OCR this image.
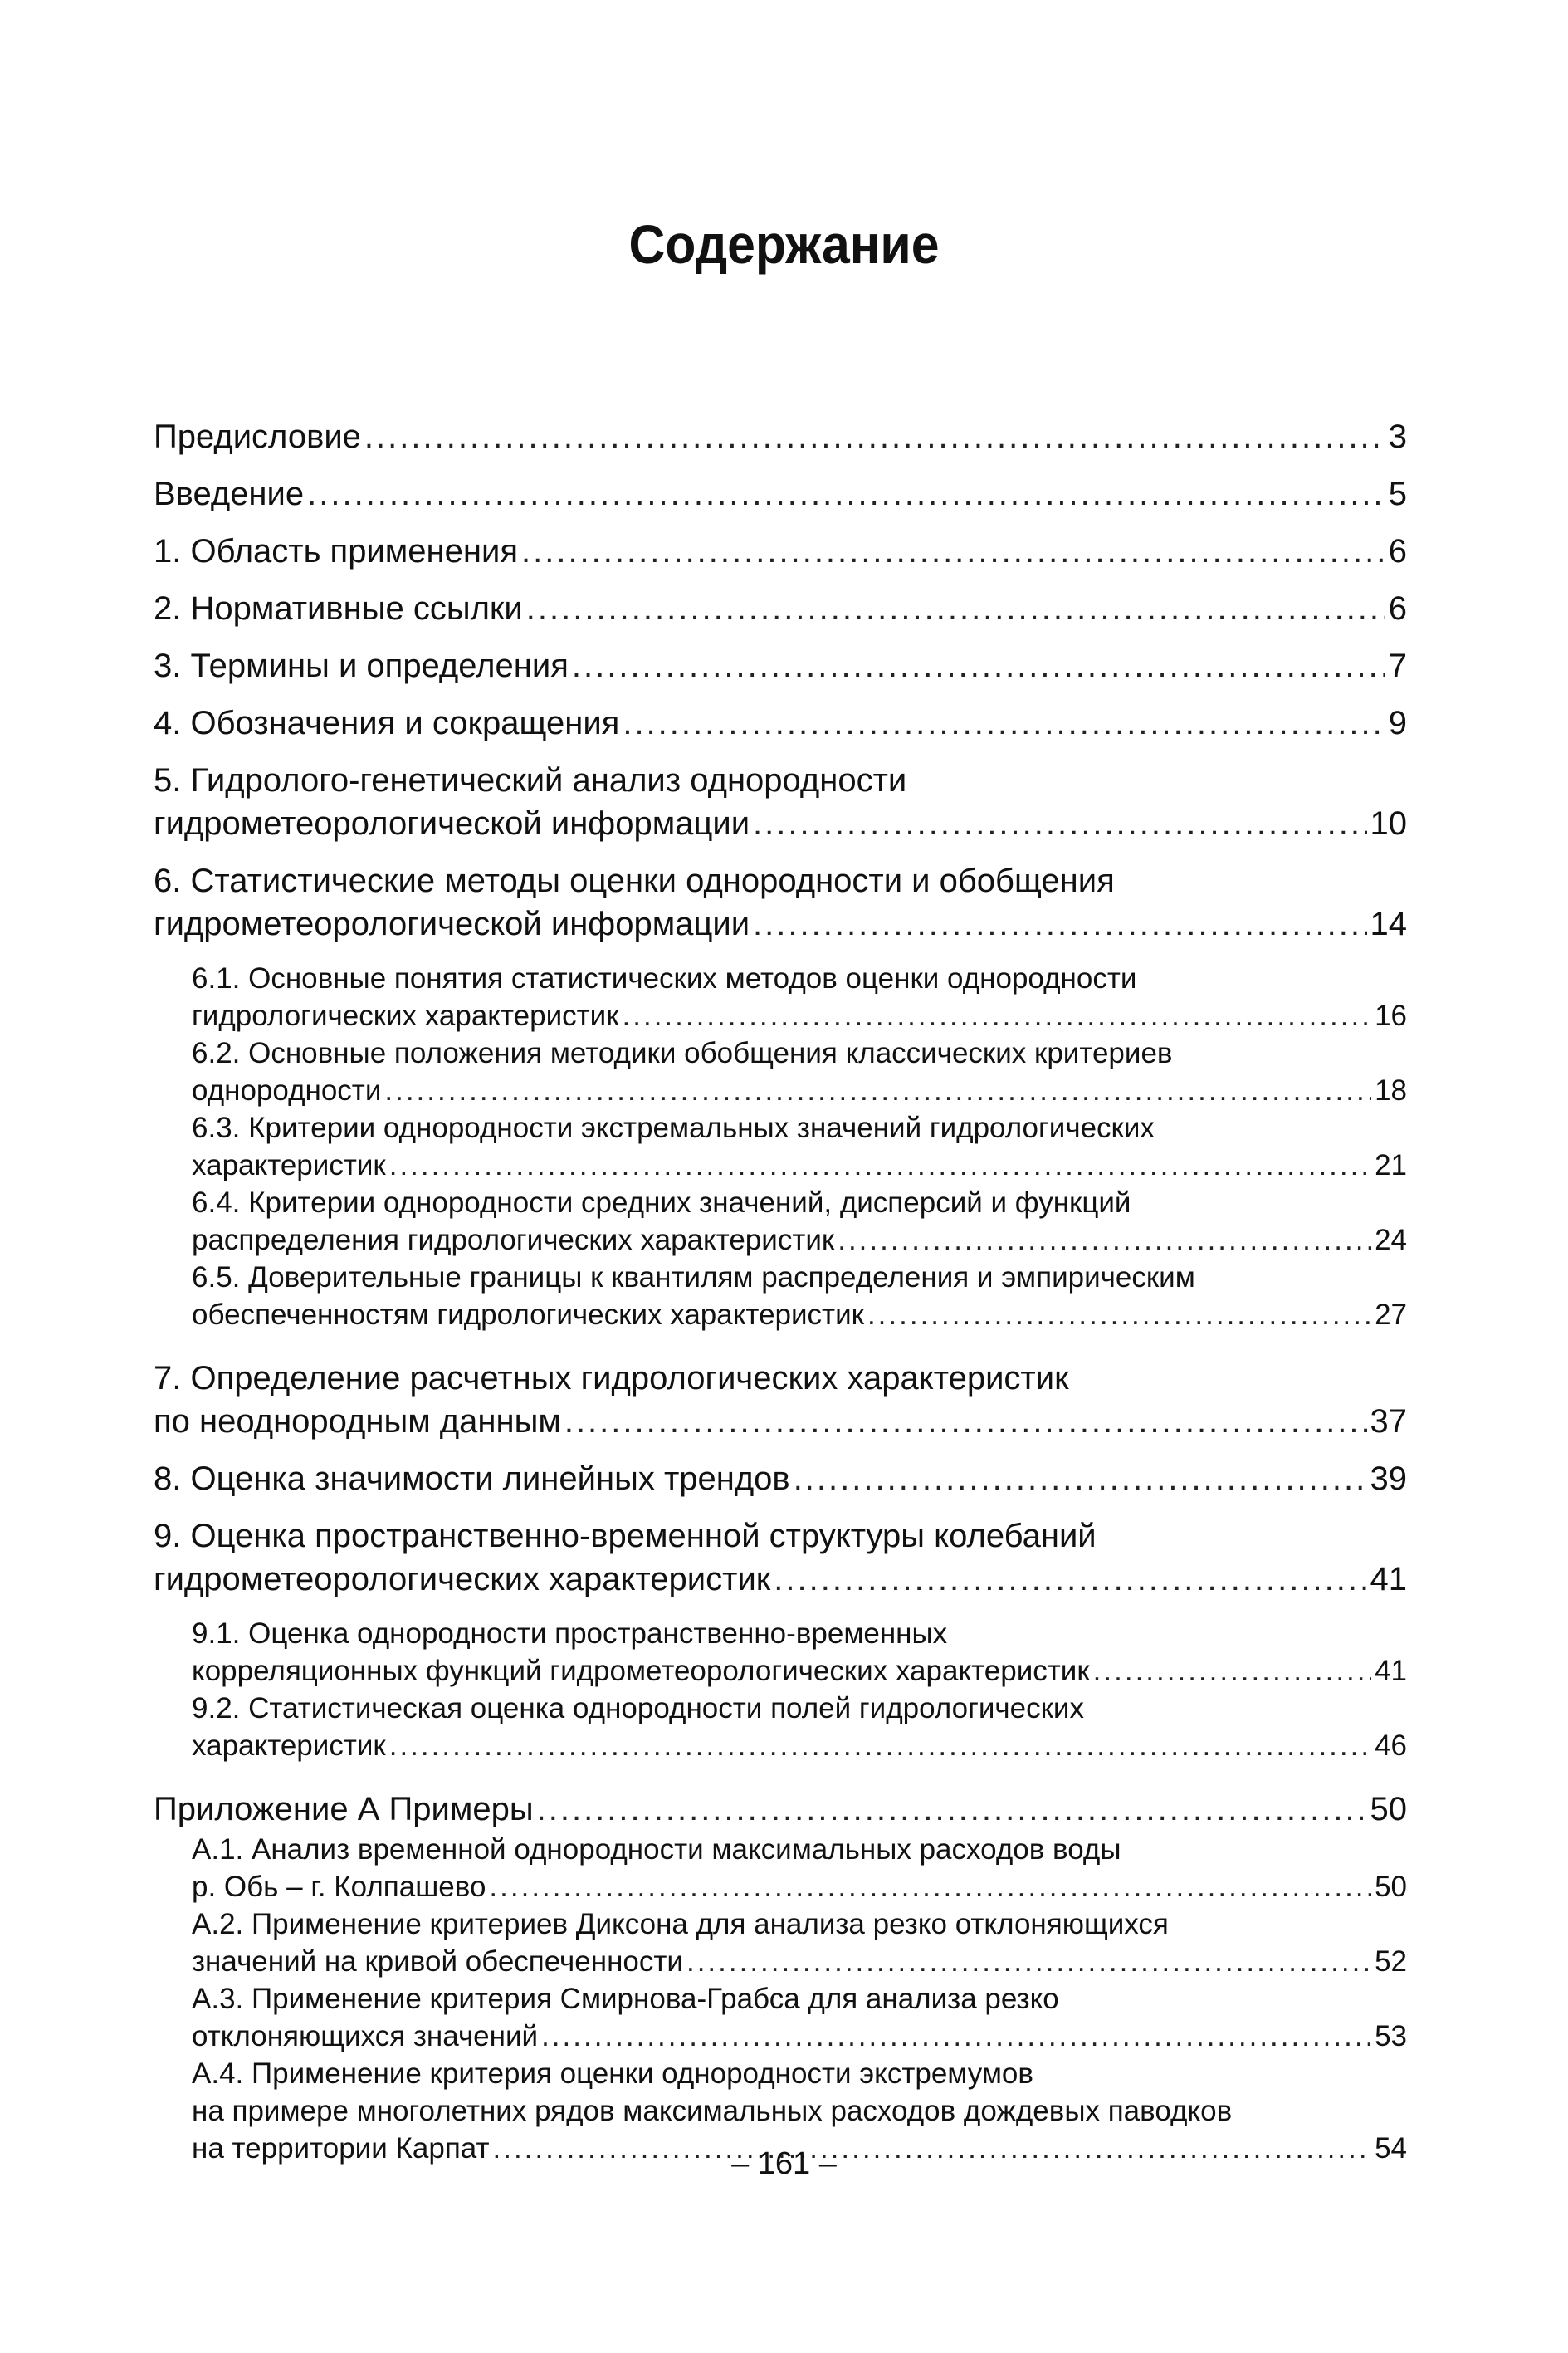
Содержание
Предисловие .....	3
Введение .....	5
1. Область применения .....	6
2. Нормативные ссылки .....	6
3. Термины и определения .....	7
4. Обозначения и сокращения .....	9
5. Гидролого-генетический анализ однородности
гидрометеорологической информации .....	10
6. Статистические методы оценки однородности и обобщения
гидрометеорологической информации .....	14
6.1. Основные понятия статистических методов оценки однородности
гидрологических характеристик .....	16
6.2. Основные положения методики обобщения классических критериев
однородности .....	18
6.3. Критерии однородности экстремальных значений гидрологических
характеристик .....	21
6.4. Критерии однородности средних значений, дисперсий и функций
распределения гидрологических характеристик .....	24
6.5. Доверительные границы к квантилям распределения и эмпирическим
обеспеченностям гидрологических характеристик .....	27
7. Определение расчетных гидрологических характеристик
по неоднородным данным .....	37
8. Оценка значимости линейных трендов .....	39
9. Оценка пространственно-временной структуры колебаний
гидрометеорологических характеристик .....	41
9.1. Оценка однородности пространственно-временных
корреляционных функций гидрометеорологических характеристик .....	41
9.2. Статистическая оценка однородности полей гидрологических
характеристик .....	46
Приложение А Примеры .....	50
А.1. Анализ временной однородности максимальных расходов воды
р. Обь – г. Колпашево .....	50
А.2. Применение критериев Диксона для анализа резко отклоняющихся
значений на кривой обеспеченности .....	52
А.3. Применение критерия Смирнова-Грабса для анализа резко
отклоняющихся значений .....	53
А.4. Применение критерия оценки однородности экстремумов
на примере многолетних рядов максимальных расходов дождевых паводков
на территории Карпат .....	54
– 161 –
